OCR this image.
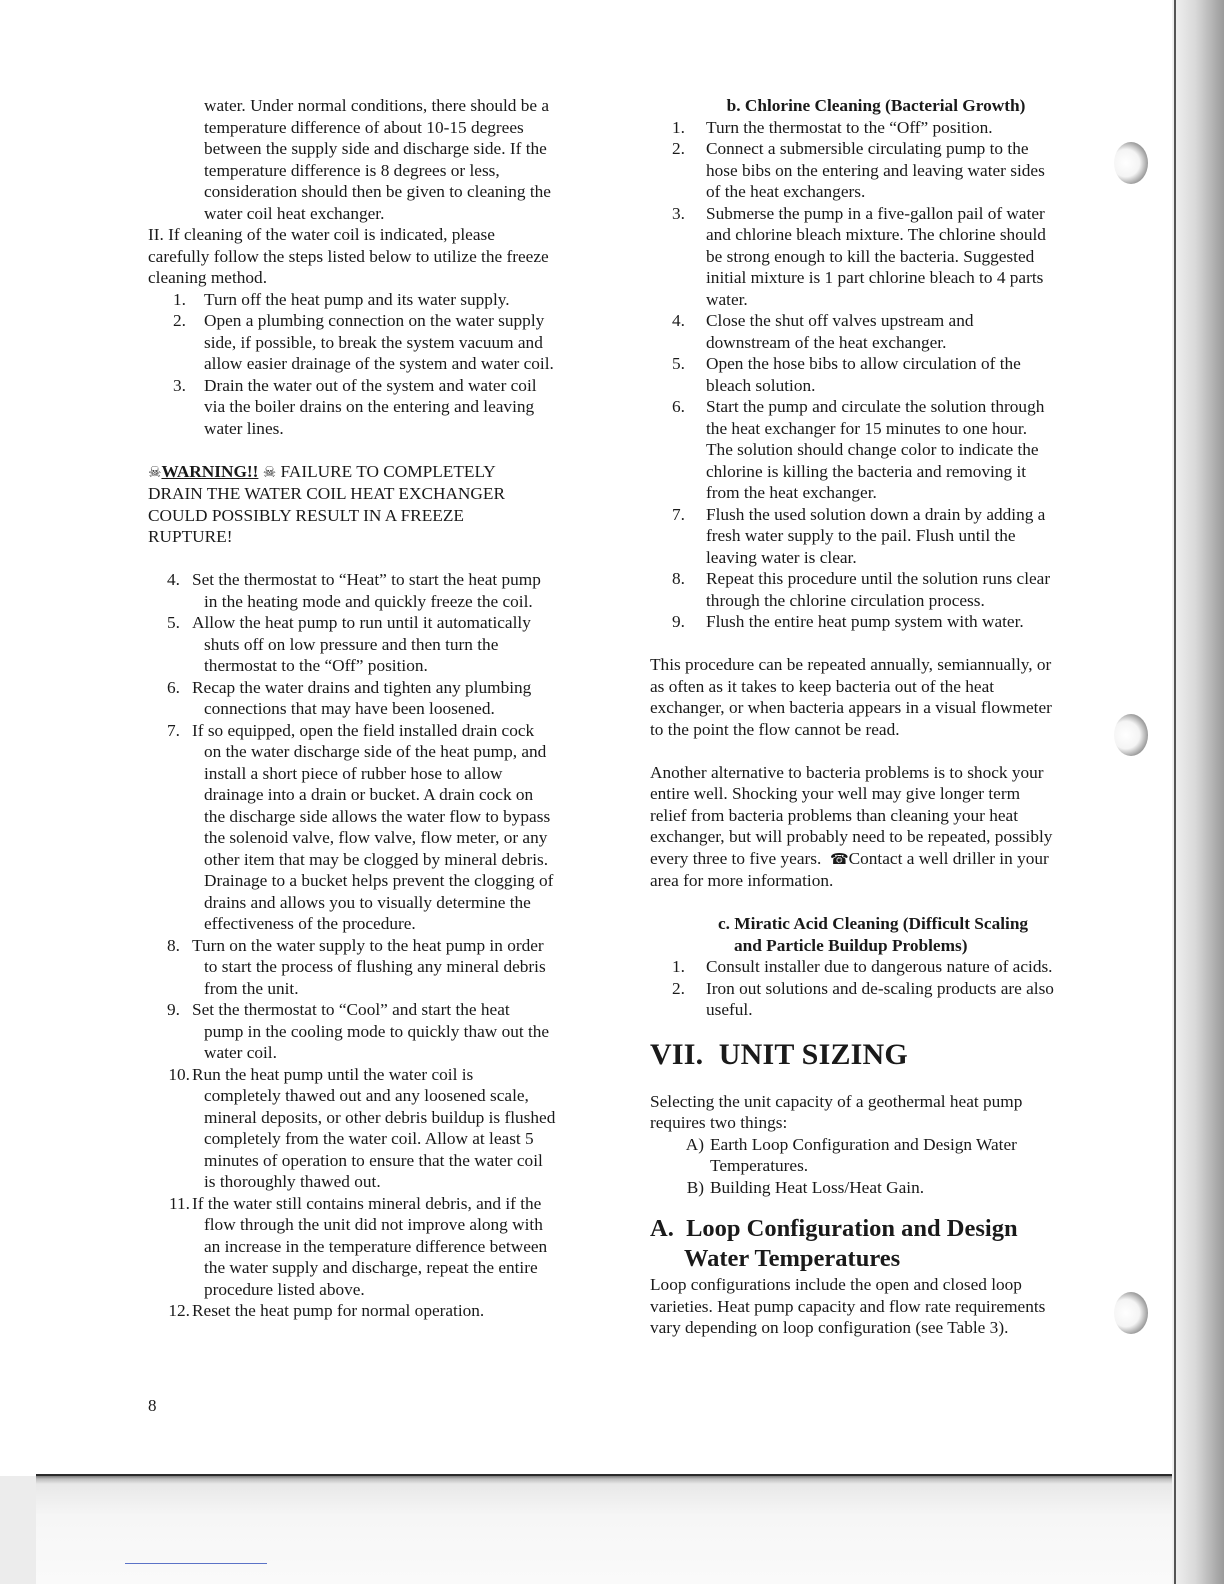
water. Under normal conditions, there should be a

temperature difference of about 10-15 degrees

between the supply side and discharge side. If the

temperature difference is 8 degrees or less,

consideration should then be given to cleaning the

water coil heat exchanger.

II. If cleaning of the water coil is indicated, please

carefully follow the steps listed below to utilize the freeze

cleaning method.

1. Turn off the heat pump and its water supply.

2. Open a plumbing connection on the water supply

side, if possible, to break the system vacuum and

allow easier drainage of the system and water coil.

3. Drain the water out of the system and water coil

via the boiler drains on the entering and leaving

water lines.

☠WARNING!! ☠ FAILURE TO COMPLETELY

DRAIN THE WATER COIL HEAT EXCHANGER

COULD POSSIBLY RESULT IN A FREEZE

RUPTURE!

4. Set the thermostat to “Heat” to start the heat pump

in the heating mode and quickly freeze the coil.

5. Allow the heat pump to run until it automatically

shuts off on low pressure and then turn the

thermostat to the “Off” position.

6. Recap the water drains and tighten any plumbing

connections that may have been loosened.

7. If so equipped, open the field installed drain cock

on the water discharge side of the heat pump, and

install a short piece of rubber hose to allow

drainage into a drain or bucket. A drain cock on

the discharge side allows the water flow to bypass

the solenoid valve, flow valve, flow meter, or any

other item that may be clogged by mineral debris.

Drainage to a bucket helps prevent the clogging of

drains and allows you to visually determine the

effectiveness of the procedure.

8. Turn on the water supply to the heat pump in order

to start the process of flushing any mineral debris

from the unit.

9. Set the thermostat to “Cool” and start the heat

pump in the cooling mode to quickly thaw out the

water coil.

10. Run the heat pump until the water coil is

completely thawed out and any loosened scale,

mineral deposits, or other debris buildup is flushed

completely from the water coil. Allow at least 5

minutes of operation to ensure that the water coil

is thoroughly thawed out.

11. If the water still contains mineral debris, and if the

flow through the unit did not improve along with

an increase in the temperature difference between

the water supply and discharge, repeat the entire

procedure listed above.

12. Reset the heat pump for normal operation.

8

b. Chlorine Cleaning (Bacterial Growth)

1. Turn the thermostat to the “Off” position.

2. Connect a submersible circulating pump to the

hose bibs on the entering and leaving water sides

of the heat exchangers.

3. Submerse the pump in a five-gallon pail of water

and chlorine bleach mixture. The chlorine should

be strong enough to kill the bacteria. Suggested

initial mixture is 1 part chlorine bleach to 4 parts

water.

4. Close the shut off valves upstream and

downstream of the heat exchanger.

5. Open the hose bibs to allow circulation of the

bleach solution.

6. Start the pump and circulate the solution through

the heat exchanger for 15 minutes to one hour.

The solution should change color to indicate the

chlorine is killing the bacteria and removing it

from the heat exchanger.

7. Flush the used solution down a drain by adding a

fresh water supply to the pail. Flush until the

leaving water is clear.

8. Repeat this procedure until the solution runs clear

through the chlorine circulation process.

9. Flush the entire heat pump system with water.

This procedure can be repeated annually, semiannually, or

as often as it takes to keep bacteria out of the heat

exchanger, or when bacteria appears in a visual flowmeter

to the point the flow cannot be read.

Another alternative to bacteria problems is to shock your

entire well. Shocking your well may give longer term

relief from bacteria problems than cleaning your heat

exchanger, but will probably need to be repeated, possibly

every three to five years.  ☎Contact a well driller in your

area for more information.

c. Miratic Acid Cleaning (Difficult Scaling

and Particle Buildup Problems)

1. Consult installer due to dangerous nature of acids.

2. Iron out solutions and de-scaling products are also

useful.

VII.  UNIT SIZING

Selecting the unit capacity of a geothermal heat pump

requires two things:

A) Earth Loop Configuration and Design Water

Temperatures.

B) Building Heat Loss/Heat Gain.

A.  Loop Configuration and Design
Water Temperatures

Loop configurations include the open and closed loop

varieties. Heat pump capacity and flow rate requirements

vary depending on loop configuration (see Table 3).
